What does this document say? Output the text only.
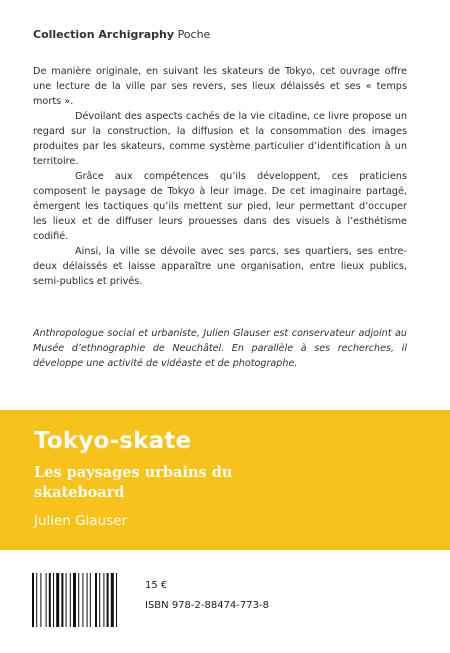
Collection Archigraphy Poche

De manière originale, en suivant les skateurs de Tokyo, cet ouvrage offre une lecture de la ville par ses revers, ses lieux délaissés et ses « temps morts ».

Dévoilant des aspects cachés de la vie citadine, ce livre propose un regard sur la construction, la diffusion et la consommation des images produites par les skateurs, comme système particulier d’identification à un territoire.

Grâce aux compétences qu’ils développent, ces praticiens composent le paysage de Tokyo à leur image. De cet imaginaire partagé, émergent les tactiques qu’ils mettent sur pied, leur permettant d’occuper les lieux et de diffuser leurs prouesses dans des visuels à l’esthétisme codifié.

Ainsi, la ville se dévoile avec ses parcs, ses quartiers, ses entre-deux délaissés et laisse apparaître une organisation, entre lieux publics, semi-publics et privés.

Anthropologue social et urbaniste, Julien Glauser est conservateur adjoint au Musée d’ethnographie de Neuchâtel. En parallèle à ses recherches, il développe une activité de vidéaste et de photographe.
Tokyo-skate
Les paysages urbains du skateboard
Julien Glauser
15 €
ISBN 978-2-88474-773-8
